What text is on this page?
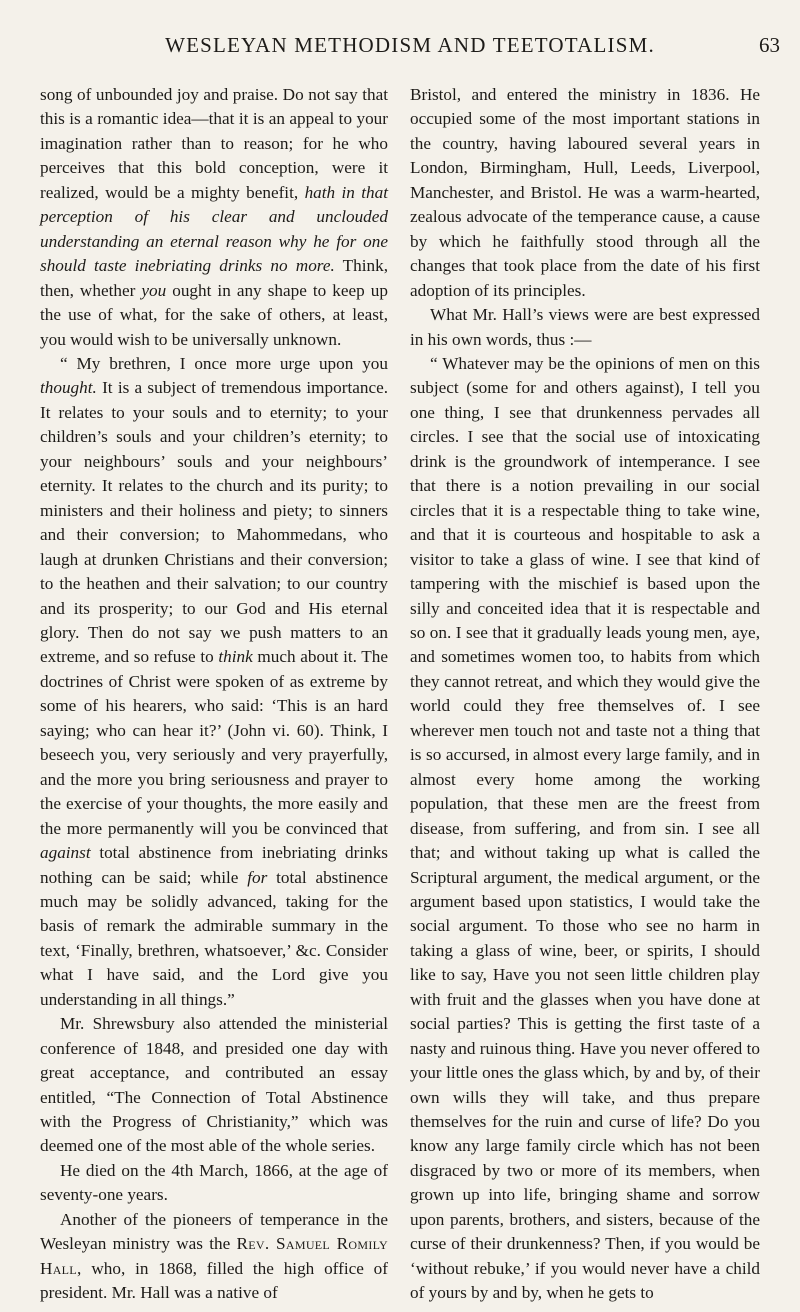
WESLEYAN METHODISM AND TEETOTALISM.	63

song of unbounded joy and praise. Do not say that this is a romantic idea—that it is an appeal to your imagination rather than to reason; for he who perceives that this bold conception, were it realized, would be a mighty benefit, hath in that perception of his clear and unclouded understanding an eternal reason why he for one should taste inebriating drinks no more. Think, then, whether you ought in any shape to keep up the use of what, for the sake of others, at least, you would wish to be universally unknown.

“ My brethren, I once more urge upon you thought. It is a subject of tremendous importance. It relates to your souls and to eternity; to your children’s souls and your children’s eternity; to your neighbours’ souls and your neighbours’ eternity. It relates to the church and its purity; to ministers and their holiness and piety; to sinners and their conversion; to Mahommedans, who laugh at drunken Christians and their conversion; to the heathen and their salvation; to our country and its prosperity; to our God and His eternal glory. Then do not say we push matters to an extreme, and so refuse to think much about it. The doctrines of Christ were spoken of as extreme by some of his hearers, who said: ‘This is an hard saying; who can hear it?’ (John vi. 60). Think, I beseech you, very seriously and very prayerfully, and the more you bring seriousness and prayer to the exercise of your thoughts, the more easily and the more permanently will you be convinced that against total abstinence from inebriating drinks nothing can be said; while for total abstinence much may be solidly advanced, taking for the basis of remark the admirable summary in the text, ‘Finally, brethren, whatsoever,’ &c. Consider what I have said, and the Lord give you understanding in all things.”

Mr. Shrewsbury also attended the ministerial conference of 1848, and presided one day with great acceptance, and contributed an essay entitled, “The Connection of Total Abstinence with the Progress of Christianity,” which was deemed one of the most able of the whole series.

He died on the 4th March, 1866, at the age of seventy-one years.

Another of the pioneers of temperance in the Wesleyan ministry was the Rev. Samuel Romily Hall, who, in 1868, filled the high office of president. Mr. Hall was a native of

Bristol, and entered the ministry in 1836. He occupied some of the most important stations in the country, having laboured several years in London, Birmingham, Hull, Leeds, Liverpool, Manchester, and Bristol. He was a warm-hearted, zealous advocate of the temperance cause, a cause by which he faithfully stood through all the changes that took place from the date of his first adoption of its principles.

What Mr. Hall’s views were are best expressed in his own words, thus :—

“ Whatever may be the opinions of men on this subject (some for and others against), I tell you one thing, I see that drunkenness pervades all circles. I see that the social use of intoxicating drink is the groundwork of intemperance. I see that there is a notion prevailing in our social circles that it is a respectable thing to take wine, and that it is courteous and hospitable to ask a visitor to take a glass of wine. I see that kind of tampering with the mischief is based upon the silly and conceited idea that it is respectable and so on. I see that it gradually leads young men, aye, and sometimes women too, to habits from which they cannot retreat, and which they would give the world could they free themselves of. I see wherever men touch not and taste not a thing that is so accursed, in almost every large family, and in almost every home among the working population, that these men are the freest from disease, from suffering, and from sin. I see all that; and without taking up what is called the Scriptural argument, the medical argument, or the argument based upon statistics, I would take the social argument. To those who see no harm in taking a glass of wine, beer, or spirits, I should like to say, Have you not seen little children play with fruit and the glasses when you have done at social parties? This is getting the first taste of a nasty and ruinous thing. Have you never offered to your little ones the glass which, by and by, of their own wills they will take, and thus prepare themselves for the ruin and curse of life? Do you know any large family circle which has not been disgraced by two or more of its members, when grown up into life, bringing shame and sorrow upon parents, brothers, and sisters, because of the curse of their drunkenness? Then, if you would be ‘without rebuke,’ if you would never have a child of yours by and by, when he gets to
